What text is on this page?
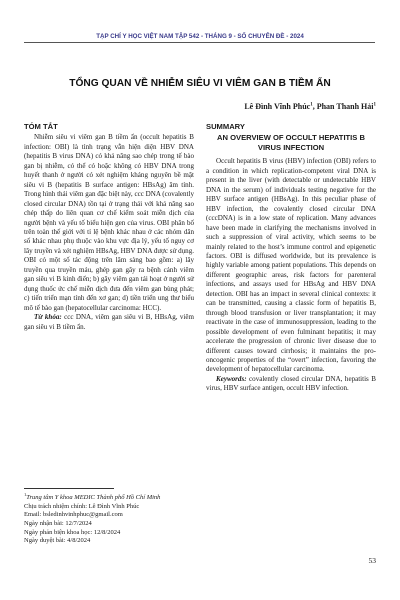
TẠP CHÍ Y HỌC VIỆT NAM TẬP 542 - THÁNG 9 - SỐ CHUYÊN ĐỀ - 2024
TỔNG QUAN VỀ NHIỄM SIÊU VI VIÊM GAN B TIỀM ẨN
Lê Đình Vĩnh Phúc$^1$, Phan Thanh Hải$^1$
TÓM TẮT

Nhiễm siêu vi viêm gan B tiềm ẩn (occult hepatitis B infection: OBI) là tình trạng vẫn hiện diện HBV DNA (hepatitis B virus DNA) có khả năng sao chép trong tế bào gan bị nhiễm, có thể có hoặc không có HBV DNA trong huyết thanh ở người có xét nghiệm kháng nguyên bề mặt siêu vi B (hepatitis B surface antigen: HBsAg) âm tính. Trong hình thái viêm gan đặc biệt này, ccc DNA (covalently closed circular DNA) tồn tại ở trạng thái với khả năng sao chép thấp do liên quan cơ chế kiểm soát miễn dịch của người bệnh và yếu tố biểu hiện gen của virus. OBI phân bố trên toàn thế giới với tỉ lệ bệnh khác nhau ở các nhóm dân số khác nhau phụ thuộc vào khu vực địa lý, yếu tố nguy cơ lây truyền và xét nghiệm HBsAg, HBV DNA được sử dụng. OBI có một số tác động trên lâm sàng bao gồm: a) lây truyền qua truyền máu, ghép gan gây ra bệnh cảnh viêm gan siêu vi B kinh điển; b) gây viêm gan tái hoạt ở người sử dụng thuốc ức chế miễn dịch đưa đến viêm gan bùng phát; c) tiến triển mạn tính đến xơ gan; d) tiền triển ung thư biểu mô tế bào gan (hepatocellular carcinoma: HCC).

Từ khóa: ccc DNA, viêm gan siêu vi B, HBsAg, viêm gan siêu vi B tiềm ẩn.

SUMMARY
AN OVERVIEW OF OCCULT HEPATITIS B VIRUS INFECTION

Occult hepatitis B virus (HBV) infection (OBI) refers to a condition in which replication-competent viral DNA is present in the liver (with detectable or undetectable HBV DNA in the serum) of individuals testing negative for the HBV surface antigen (HBsAg). In this peculiar phase of HBV infection, the covalently closed circular DNA (cccDNA) is in a low state of replication. Many advances have been made in clarifying the mechanisms involved in such a suppression of viral activity, which seems to be mainly related to the host’s immune control and epigenetic factors. OBI is diffused worldwide, but its prevalence is highly variable among patient populations. This depends on different geographic areas, risk factors for parenteral infections, and assays used for HBsAg and HBV DNA detection. OBI has an impact in several clinical contexts: it can be transmitted, causing a classic form of hepatitis B, through blood transfusion or liver transplantation; it may reactivate in the case of immunosuppression, leading to the possible development of even fulminant hepatitis; it may accelerate the progression of chronic liver disease due to different causes toward cirrhosis; it maintains the pro-oncogenic properties of the “overt” infection, favoring the development of hepatocellular carcinoma.

Keywords: covalently closed circular DNA, hepatitis B virus, HBV surface antigen, occult HBV infection.

$^1$Trung tâm Y khoa MEDIC Thành phố Hồ Chí Minh
Chịu trách nhiệm chính: Lê Đình Vĩnh Phúc
Email: bsledinhvinhphuc@gmail.com
Ngày nhận bài: 12/7/2024
Ngày phản biện khoa học: 12/8/2024
Ngày duyệt bài: 4/8/2024
53
